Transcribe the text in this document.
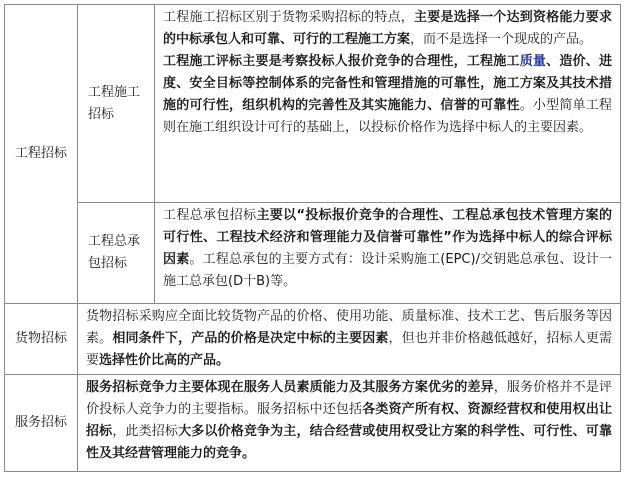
工程招标	工程施工招标	工程施工招标区别于货物采购招标的特点，主要是选择一个达到资格能力要求的中标承包人和可靠、可行的工程施工方案，而不是选择一个现成的产品。
工程施工评标主要是考察投标人报价竞争的合理性，工程施工质量、造价、进度、安全目标等控制体系的完备性和管理措施的可靠性，施工方案及其技术措施的可行性，组织机构的完善性及其实施能力、信誉的可靠性。小型简单工程则在施工组织设计可行的基础上，以投标价格作为选择中标人的主要因素。

	工程总承包招标	工程总承包招标主要以“投标报价竞争的合理性、工程总承包技术管理方案的可行性、工程技术经济和管理能力及信誉可靠性”作为选择中标人的综合评标因素。工程总承包的主要方式有：设计采购施工(EPC)/交钥匙总承包、设计一施工总承包(D十B)等。

货物招标	货物招标采购应全面比较货物产品的价格、使用功能、质量标准、技术工艺、售后服务等因素。相同条件下，产品的价格是决定中标的主要因素，但也并非价格越低越好，招标人更需要选择性价比高的产品。	

服务招标	服务招标竞争力主要体现在服务人员素质能力及其服务方案优劣的差异，服务价格并不是评价投标人竞争力的主要指标。服务招标中还包括各类资产所有权、资源经营权和使用权出让招标，此类招标大多以价格竞争为主，结合经营或使用权受让方案的科学性、可行性、可靠性及其经营管理能力的竞争。	
